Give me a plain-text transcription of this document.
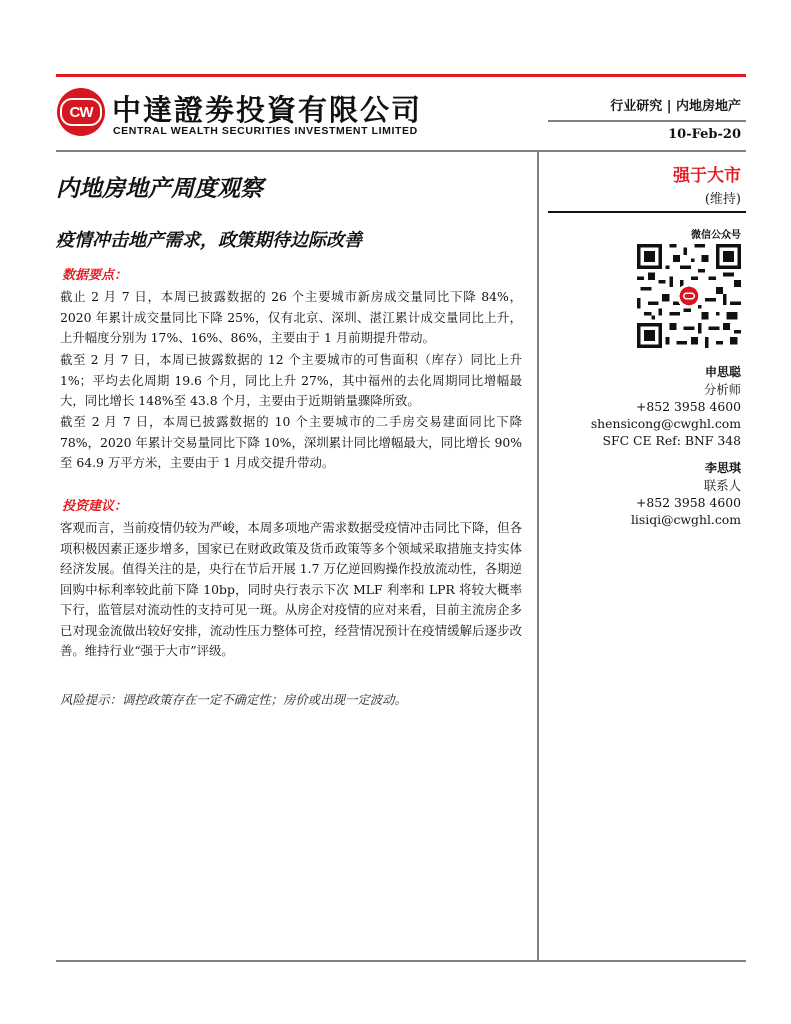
CW 中達證劵投資有限公司
CENTRAL WEALTH SECURITIES INVESTMENT LIMITED
行业研究 | 内地房地产
10-Feb-20
内地房地产周度观察
疫情冲击地产需求，政策期待边际改善
数据要点：
截止 2 月 7 日，本周已披露数据的 26 个主要城市新房成交量同比下降 84%，2020 年累计成交量同比下降 25%，仅有北京、深圳、湛江累计成交量同比上升，上升幅度分别为 17%、16%、86%，主要由于 1 月前期提升带动。
截至 2 月 7 日，本周已披露数据的 12 个主要城市的可售面积（库存）同比上升 1%；平均去化周期 19.6 个月，同比上升 27%，其中福州的去化周期同比增幅最大，同比增长 148%至 43.8 个月，主要由于近期销量骤降所致。
截至 2 月 7 日，本周已披露数据的 10 个主要城市的二手房交易建面同比下降 78%，2020 年累计交易量同比下降 10%，深圳累计同比增幅最大，同比增长 90%至 64.9 万平方米，主要由于 1 月成交提升带动。
投资建议：
客观而言，当前疫情仍较为严峻，本周多项地产需求数据受疫情冲击同比下降，但各项积极因素正逐步增多，国家已在财政政策及货币政策等多个领域采取措施支持实体经济发展。值得关注的是，央行在节后开展 1.7 万亿逆回购操作投放流动性，各期逆回购中标利率较此前下降 10bp，同时央行表示下次 MLF 利率和 LPR 将较大概率下行，监管层对流动性的支持可见一斑。从房企对疫情的应对来看，目前主流房企多已对现金流做出较好安排，流动性压力整体可控，经营情况预计在疫情缓解后逐步改善。维持行业“强于大市”评级。
风险提示：调控政策存在一定不确定性；房价或出现一定波动。
强于大市
(维持)
微信公众号
申思聪
分析师
+852 3958 4600
shensicong@cwghl.com
SFC CE Ref: BNF 348
李思琪
联系人
+852 3958 4600
lisiqi@cwghl.com
